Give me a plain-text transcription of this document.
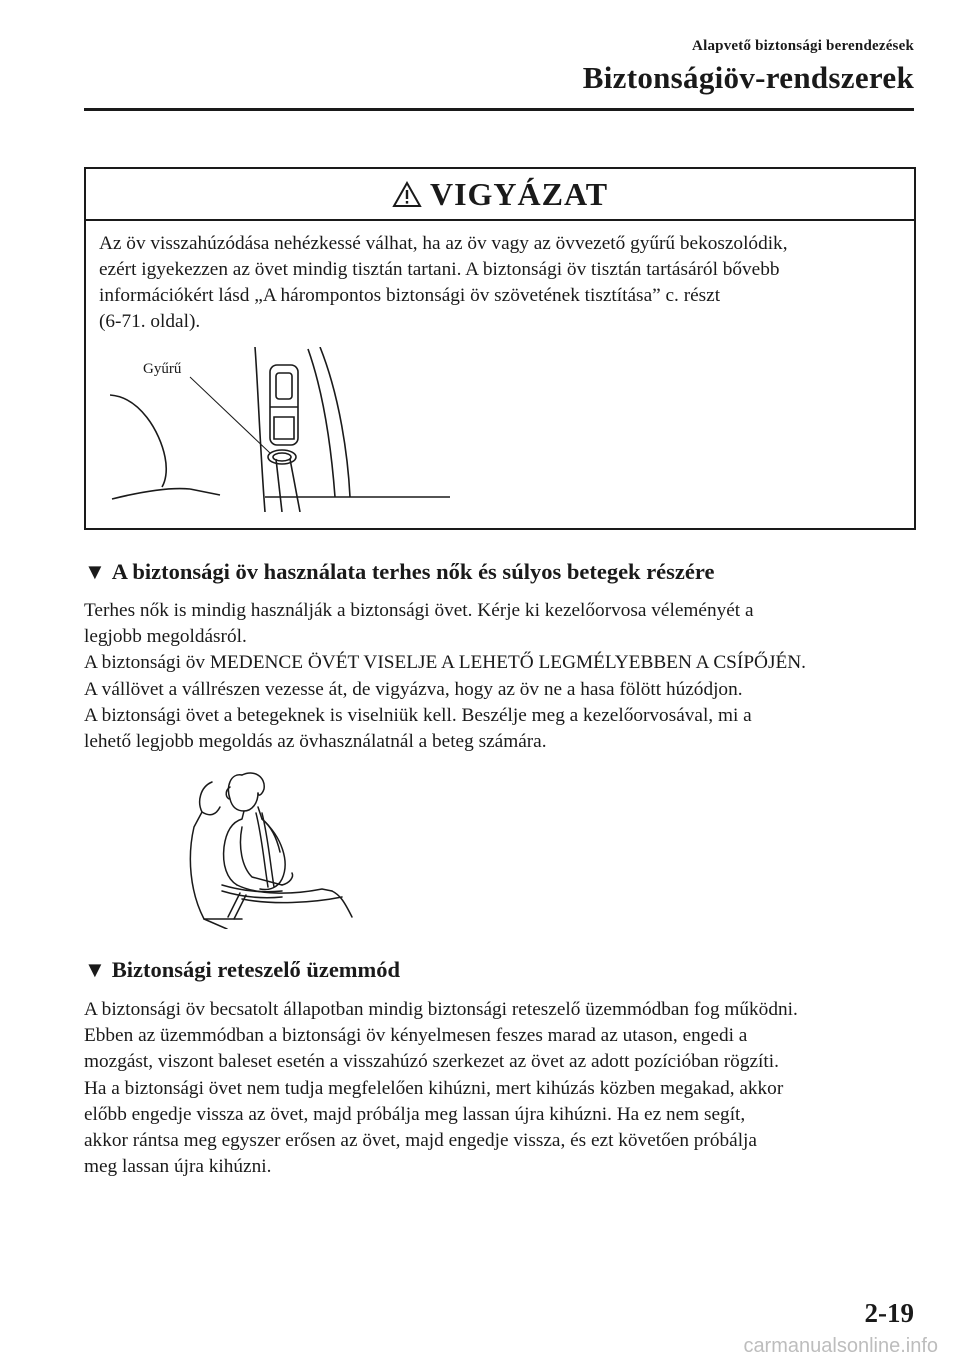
Alapvető biztonsági berendezések
Biztonságiöv-rendszerek
VIGYÁZAT
Az öv visszahúzódása nehézkessé válhat, ha az öv vagy az övvezető gyűrű bekoszolódik,
ezért igyekezzen az övet mindig tisztán tartani. A biztonsági öv tisztán tartásáról bővebb
információkért lásd „A hárompontos biztonsági öv szövetének tisztítása” c. részt
(6-71. oldal).
Gyűrű
▼ A biztonsági öv használata terhes nők és súlyos betegek részére

Terhes nők is mindig használják a biztonsági övet. Kérje ki kezelőorvosa véleményét a

legjobb megoldásról.

A biztonsági öv MEDENCE ÖVÉT VISELJE A LEHETŐ LEGMÉLYEBBEN A CSÍPŐJÉN.

A vállövet a vállrészen vezesse át, de vigyázva, hogy az öv ne a hasa fölött húzódjon.

A biztonsági övet a betegeknek is viselniük kell. Beszélje meg a kezelőorvosával, mi a

lehető legjobb megoldás az övhasználatnál a beteg számára.

▼ Biztonsági reteszelő üzemmód

A biztonsági öv becsatolt állapotban mindig biztonsági reteszelő üzemmódban fog működni.

Ebben az üzemmódban a biztonsági öv kényelmesen feszes marad az utason, engedi a

mozgást, viszont baleset esetén a visszahúzó szerkezet az övet az adott pozícióban rögzíti.

Ha a biztonsági övet nem tudja megfelelően kihúzni, mert kihúzás közben megakad, akkor

előbb engedje vissza az övet, majd próbálja meg lassan újra kihúzni. Ha ez nem segít,

akkor rántsa meg egyszer erősen az övet, majd engedje vissza, és ezt követően próbálja

meg lassan újra kihúzni.

2-19
carmanualsonline.info
